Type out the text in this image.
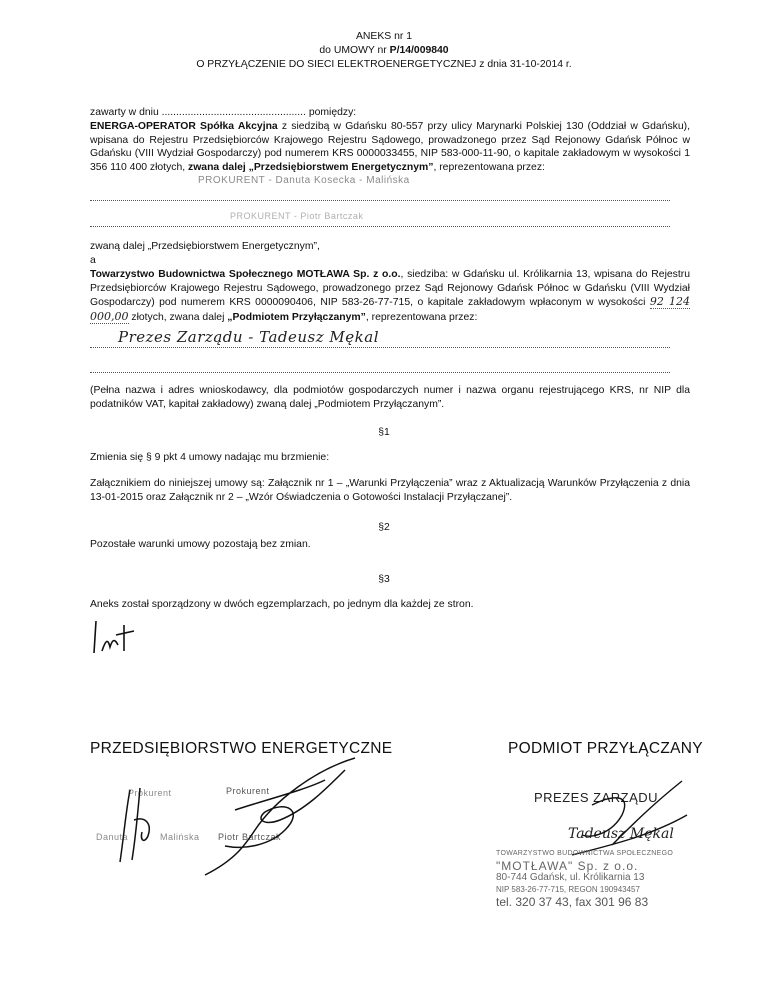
ANEKS nr 1
do UMOWY nr P/14/009840
O PRZYŁĄCZENIE DO SIECI ELEKTROENERGETYCZNEJ z dnia 31-10-2014 r.
zawarty w dniu .................................................. pomiędzy:
ENERGA-OPERATOR Spółka Akcyjna z siedzibą w Gdańsku 80-557 przy ulicy Marynarki Polskiej 130 (Oddział w Gdańsku), wpisana do Rejestru Przedsiębiorców Krajowego Rejestru Sądowego, prowadzonego przez Sąd Rejonowy Gdańsk Północ w Gdańsku (VIII Wydział Gospodarczy) pod numerem KRS 0000033455, NIP 583-000-11-90, o kapitale zakładowym w wysokości 1 356 110 400 złotych, zwana dalej „Przedsiębiorstwem Energetycznym”, reprezentowana przez:
PROKURENT - Danuta Kosecka - Malińska
PROKURENT - Piotr Bartczak
zwaną dalej „Przedsiębiorstwem Energetycznym”,
a
Towarzystwo Budownictwa Społecznego MOTŁAWA Sp. z o.o., siedziba: w Gdańsku ul. Królikarnia 13, wpisana do Rejestru Przedsiębiorców Krajowego Rejestru Sądowego, prowadzonego przez Sąd Rejonowy Gdańsk Północ w Gdańsku (VIII Wydział Gospodarczy) pod numerem KRS 0000090406, NIP 583-26-77-715, o kapitale zakładowym wpłaconym w wysokości 92 124 000,00 złotych, zwana dalej „Podmiotem Przyłączanym”, reprezentowana przez:
Prezes Zarządu - Tadeusz Mękal
(Pełna nazwa i adres wnioskodawcy, dla podmiotów gospodarczych numer i nazwa organu rejestrującego KRS, nr NIP dla podatników VAT, kapitał zakładowy) zwaną dalej „Podmiotem Przyłączanym”.
§1
Zmienia się § 9 pkt 4 umowy nadając mu brzmienie:
Załącznikiem do niniejszej umowy są: Załącznik nr 1 – „Warunki Przyłączenia” wraz z Aktualizacją Warunków Przyłączenia z dnia 13-01-2015 oraz Załącznik nr 2 – „Wzór Oświadczenia o Gotowości Instalacji Przyłączanej”.
§2
Pozostałe warunki umowy pozostają bez zmian.
§3
Aneks został sporządzony w dwóch egzemplarzach, po jednym dla każdej ze stron.
PRZEDSIĘBIORSTWO ENERGETYCZNE	PODMIOT PRZYŁĄCZANY
Prokurent
Danuta	Malińska
Prokurent
Piotr Bartczak
PREZES ZARZĄDU
Tadeusz Mękal
TOWARZYSTWO BUDOWNICTWA SPOŁECZNEGO
"MOTŁAWA" Sp. z o.o.
80-744 Gdańsk, ul. Królikarnia 13
NIP 583-26-77-715, REGON 190943457
tel. 320 37 43, fax 301 96 83
